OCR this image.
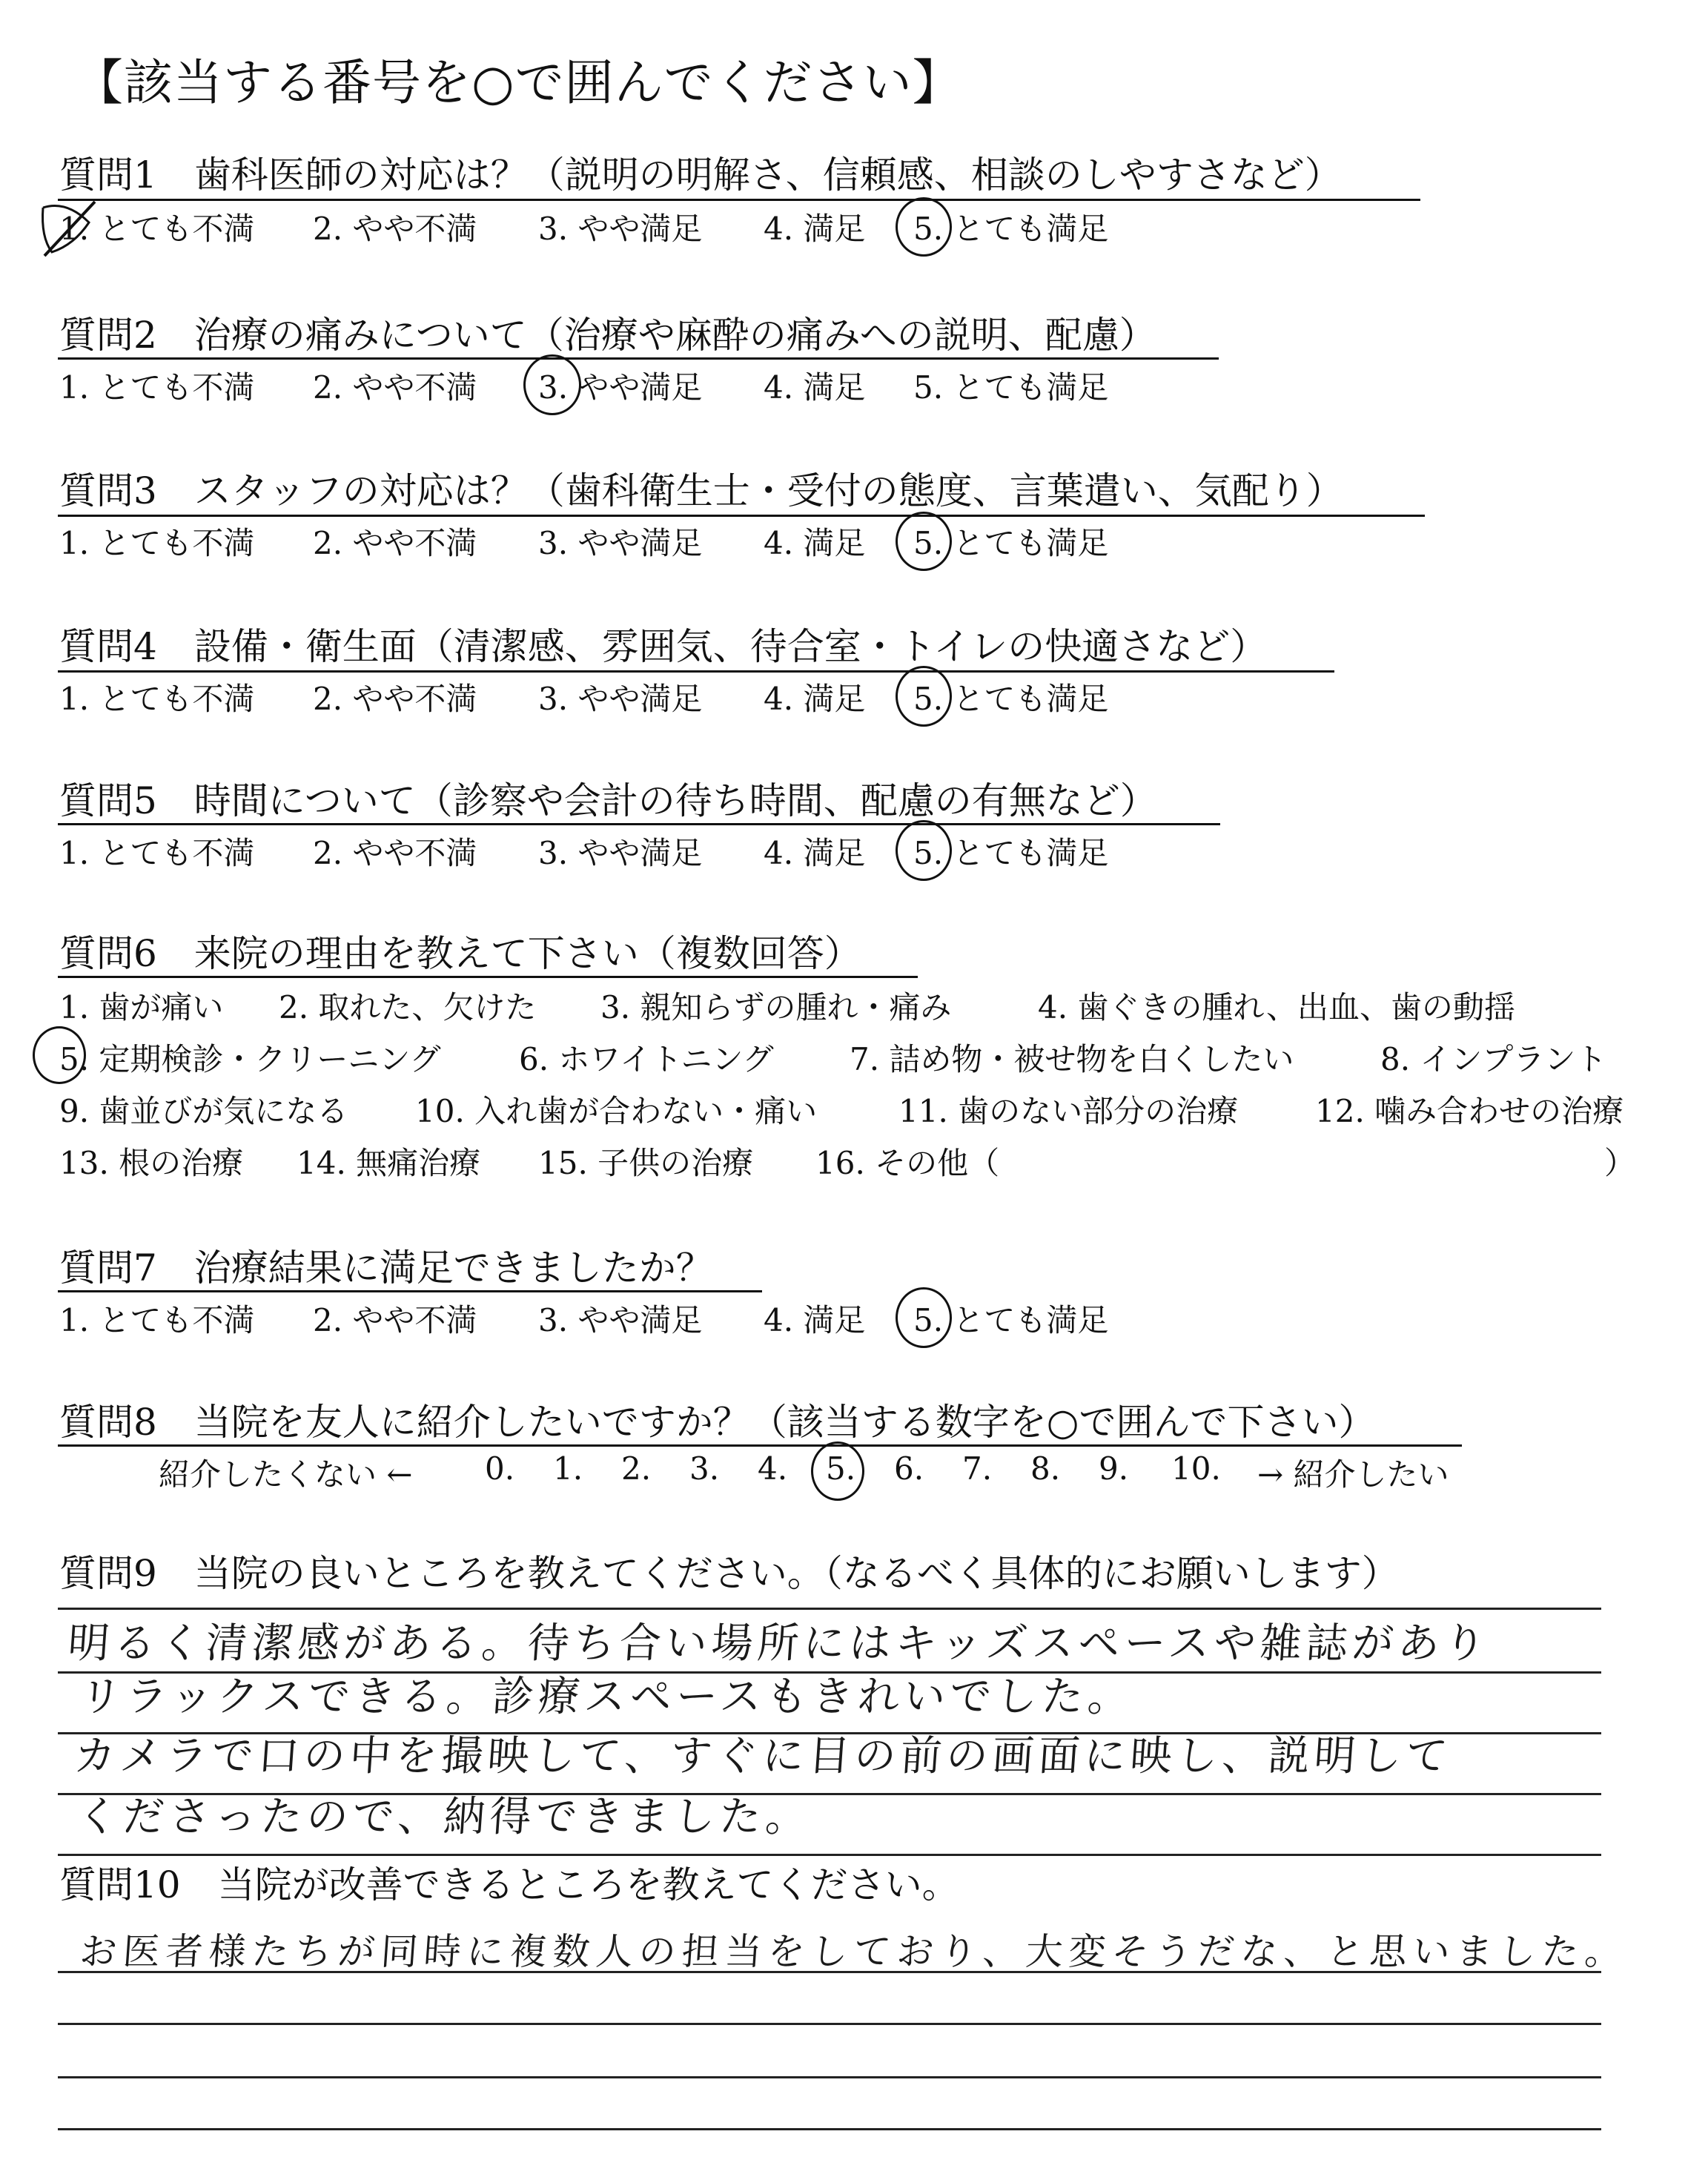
【該当する番号を○で囲んでください】
質問1　歯科医師の対応は？（説明の明解さ、信頼感、相談のしやすさなど）
1. とても不満 2. やや不満 3. やや満足 4. 満足 5. とても満足
質問2　治療の痛みについて（治療や麻酔の痛みへの説明、配慮）
1. とても不満 2. やや不満 3. やや満足 4. 満足 5. とても満足
質問3　スタッフの対応は？（歯科衛生士・受付の態度、言葉遣い、気配り）
1. とても不満 2. やや不満 3. やや満足 4. 満足 5. とても満足
質問4　設備・衛生面（清潔感、雰囲気、待合室・トイレの快適さなど）
1. とても不満 2. やや不満 3. やや満足 4. 満足 5. とても満足
質問5　時間について（診察や会計の待ち時間、配慮の有無など）
1. とても不満 2. やや不満 3. やや満足 4. 満足 5. とても満足
質問6　来院の理由を教えて下さい（複数回答）
1. 歯が痛い 2. 取れた、欠けた 3. 親知らずの腫れ・痛み	4. 歯ぐきの腫れ、出血、歯の動揺
5. 定期検診・クリーニング	6. ホワイトニング 7. 詰め物・被せ物を白くしたい	8. インプラント
9. 歯並びが気になる 10. 入れ歯が合わない・痛い	11. 歯のない部分の治療 12. 噛み合わせの治療
13. 根の治療 14. 無痛治療 15. 子供の治療 16. その他（	）
質問7　治療結果に満足できましたか？
1. とても不満 2. やや不満 3. やや満足 4. 満足 5. とても満足
質問8　当院を友人に紹介したいですか？（該当する数字を○で囲んで下さい）
紹介したくない ← 0. 1. 2. 3. 4. 5. 6. 7. 8. 9. 10. → 紹介したい
質問9　当院の良いところを教えてください。（なるべく具体的にお願いします）
明るく清潔感がある。待ち合い場所にはキッズスペースや雑誌があり
リラックスできる。診療スペースもきれいでした。
カメラで口の中を撮映して、すぐに目の前の画面に映し、説明して
くださったので、納得できました。
質問10　当院が改善できるところを教えてください。
お医者様たちが同時に複数人の担当をしており、大変そうだな、と思いました。
